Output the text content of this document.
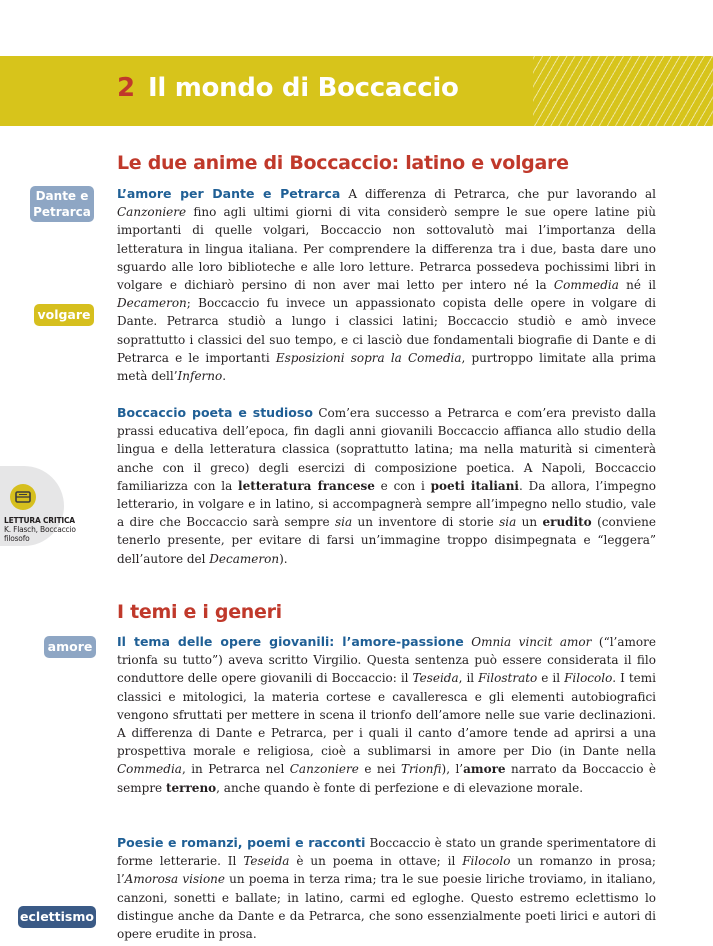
2 Il mondo di Boccaccio
Le due anime di Boccaccio: latino e volgare
Dante e
Petrarca
volgare
L’amore per Dante e Petrarca A differenza di Petrarca, che pur lavorando al Canzoniere fino agli ultimi giorni di vita considerò sempre le sue opere latine più importanti di quelle volgari, Boccaccio non sottovalutò mai l’importanza della letteratura in lingua italiana. Per comprendere la differenza tra i due, basta dare uno sguardo alle loro biblioteche e alle loro letture. Petrarca possedeva pochissimi libri in volgare e dichiarò persino di non aver mai letto per intero né la Commedia né il Decameron; Boccaccio fu invece un appassionato copista delle opere in volgare di Dante. Petrarca studiò a lungo i classici latini; Boccaccio studiò e amò invece soprattutto i classici del suo tempo, e ci lasciò due fondamentali biografie di Dante e di Petrarca e le importanti Esposizioni sopra la Comedia, purtroppo limitate alla prima metà dell’Inferno.
Boccaccio poeta e studioso Com’era successo a Petrarca e com’era previsto dalla prassi educativa dell’epoca, fin dagli anni giovanili Boccaccio affianca allo studio della lingua e della letteratura classica (soprattutto latina; ma nella maturità si cimenterà anche con il greco) degli esercizi di composizione poetica. A Napoli, Boccaccio familiarizza con la letteratura francese e con i poeti italiani. Da allora, l’impegno letterario, in volgare e in latino, si accompagnerà sempre all’impegno nello studio, vale a dire che Boccaccio sarà sempre sia un inventore di storie sia un erudito (conviene tenerlo presente, per evitare di farsi un’immagine troppo disimpegnata e “leggera” dell’autore del Decameron).
LETTURA CRITICA
K. Flasch, Boccaccio
filosofo
I temi e i generi
amore Il tema delle opere giovanili: l’amore-passione Omnia vincit amor (“l’amore trionfa su tutto”) aveva scritto Virgilio. Questa sentenza può essere considerata il filo conduttore delle opere giovanili di Boccaccio: il Teseida, il Filostrato e il Filocolo. I temi classici e mitologici, la materia cortese e cavalleresca e gli elementi autobiografici vengono sfruttati per mettere in scena il trionfo dell’amore nelle sue varie declinazioni. A differenza di Dante e Petrarca, per i quali il canto d’amore tende ad aprirsi a una prospettiva morale e religiosa, cioè a sublimarsi in amore per Dio (in Dante nella Commedia, in Petrarca nel Canzoniere e nei Trionfi), l’amore narrato da Boccaccio è sempre terreno, anche quando è fonte di perfezione e di elevazione morale.
eclettismo
Poesie e romanzi, poemi e racconti Boccaccio è stato un grande sperimentatore di forme letterarie. Il Teseida è un poema in ottave; il Filocolo un romanzo in prosa; l’Amorosa visione un poema in terza rima; tra le sue poesie liriche troviamo, in italiano, canzoni, sonetti e ballate; in latino, carmi ed egloghe. Questo estremo eclettismo lo distingue anche da Dante e da Petrarca, che sono essenzialmente poeti lirici e autori di opere erudite in prosa.
